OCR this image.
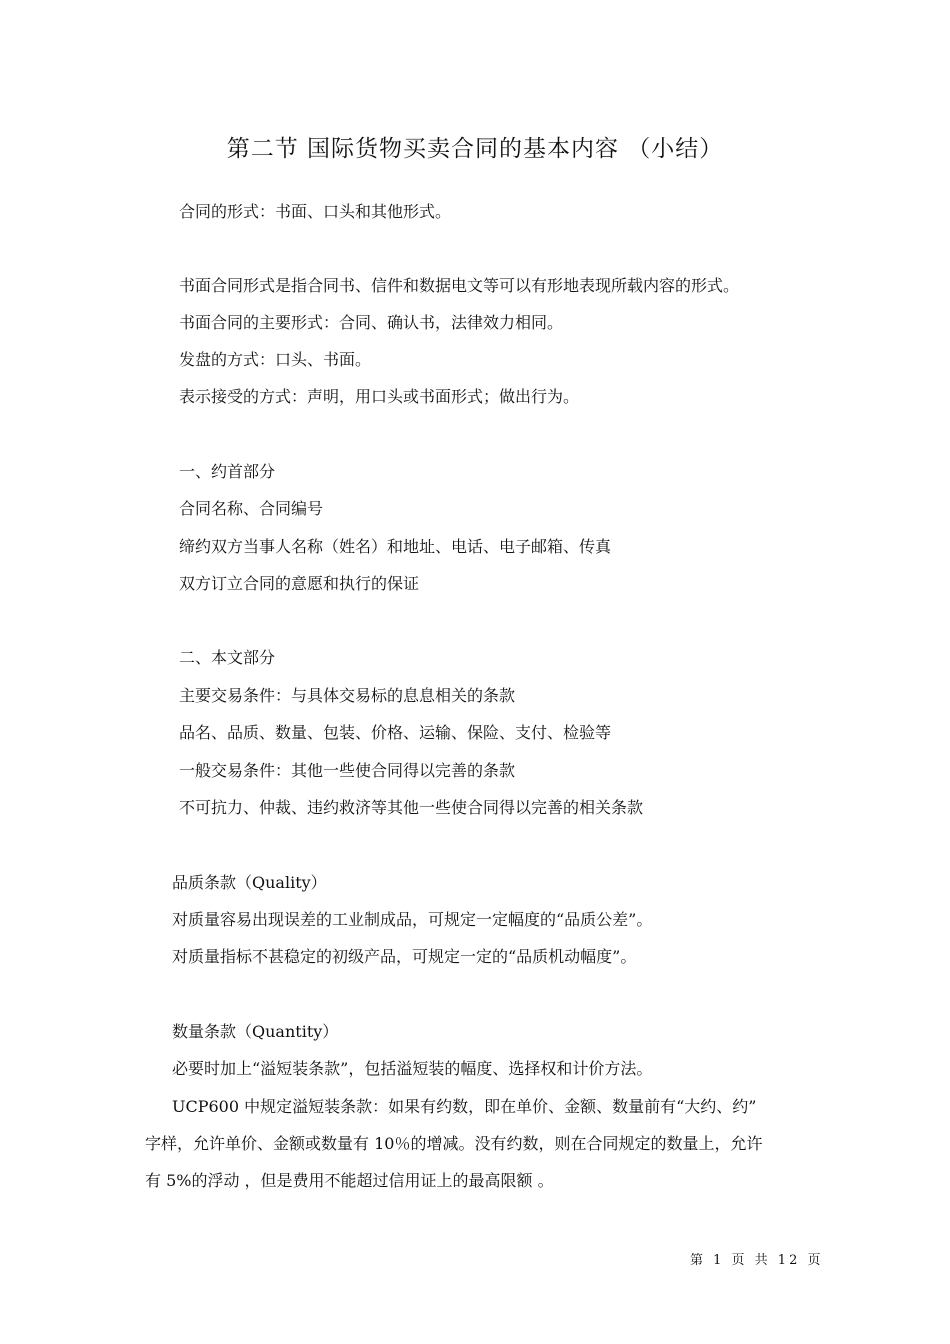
第二节 国际货物买卖合同的基本内容 （小结）

合同的形式：书面、口头和其他形式。

书面合同形式是指合同书、信件和数据电文等可以有形地表现所载内容的形式。

书面合同的主要形式：合同、确认书，法律效力相同。

发盘的方式：口头、书面。

表示接受的方式：声明，用口头或书面形式；做出行为。

一、约首部分

合同名称、合同编号

缔约双方当事人名称（姓名）和地址、电话、电子邮箱、传真

双方订立合同的意愿和执行的保证

二、本文部分

主要交易条件：与具体交易标的息息相关的条款

品名、品质、数量、包装、价格、运输、保险、支付、检验等

一般交易条件：其他一些使合同得以完善的条款

不可抗力、仲裁、违约救济等其他一些使合同得以完善的相关条款

品质条款（Quality）

对质量容易出现误差的工业制成品，可规定一定幅度的“品质公差”。

对质量指标不甚稳定的初级产品，可规定一定的“品质机动幅度”。

数量条款（Quantity）

必要时加上“溢短装条款”，包括溢短装的幅度、选择权和计价方法。

UCP600 中规定溢短装条款：如果有约数，即在单价、金额、数量前有“大约、约”

字样，允许单价、金额或数量有 10％的增减。没有约数，则在合同规定的数量上，允许

有 5%的浮动 ，但是费用不能超过信用证上的最高限额 。

第 1 页 共 12 页
